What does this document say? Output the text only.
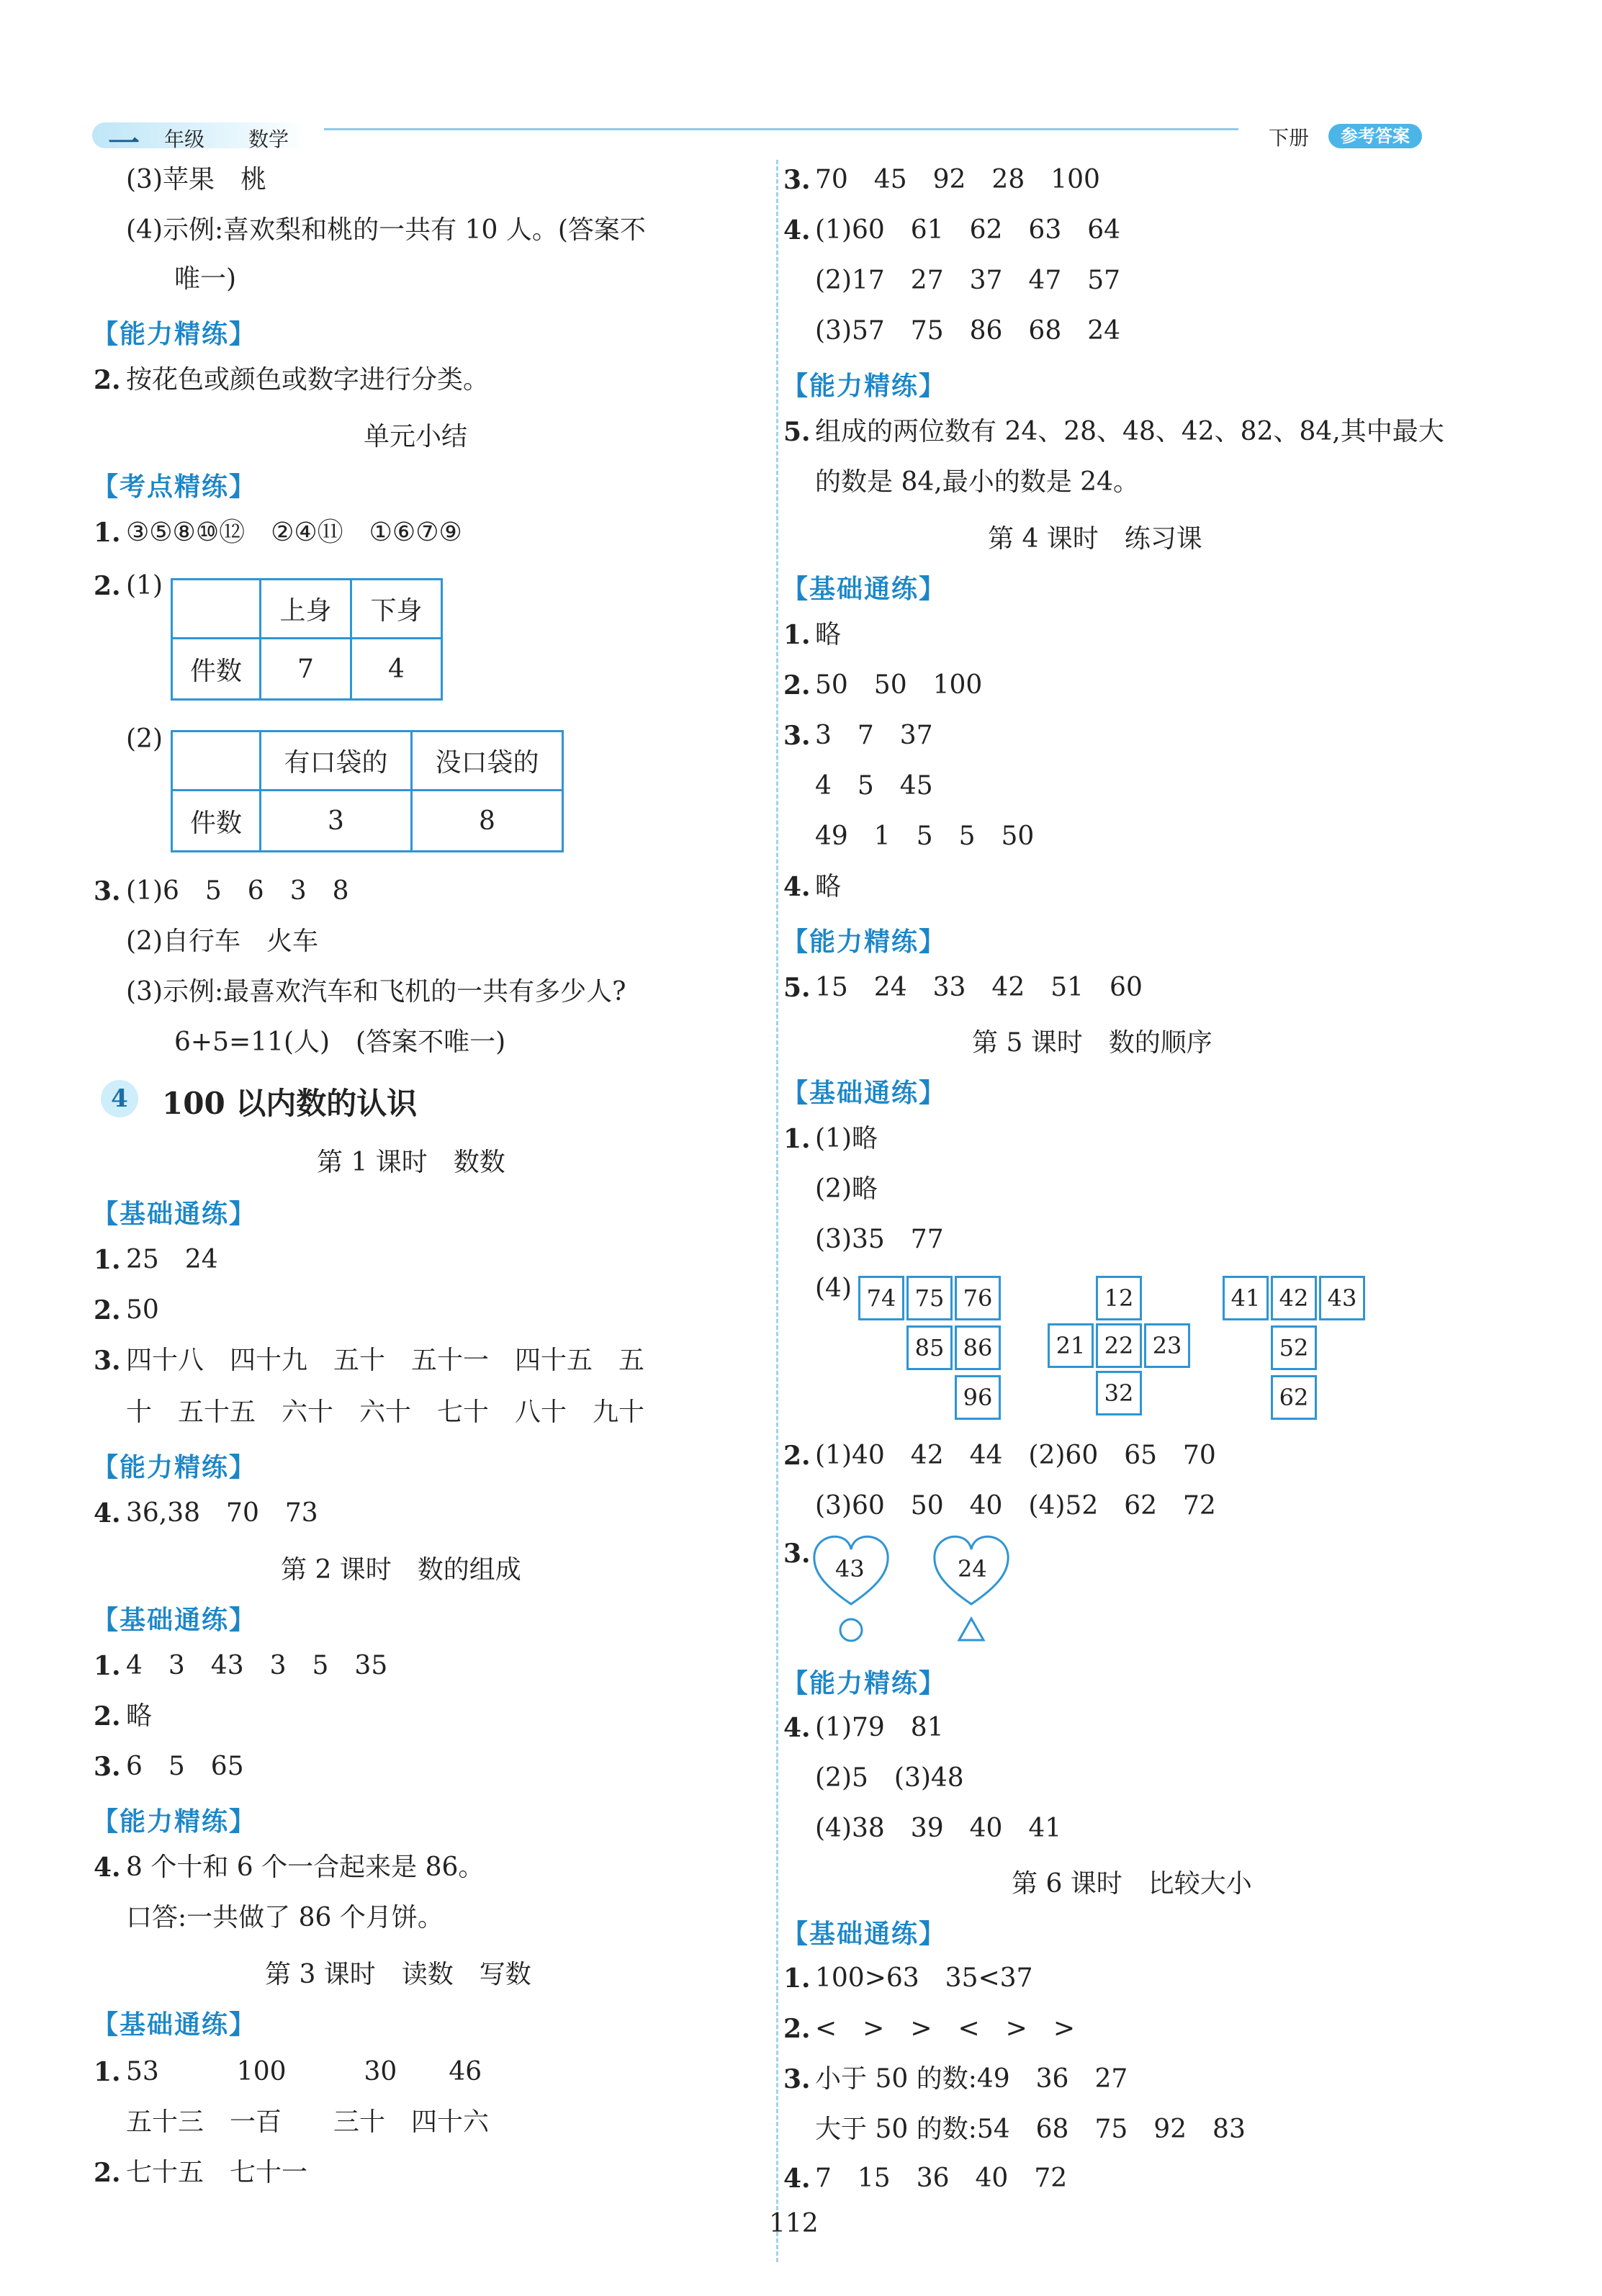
一 年级 数学	下册	参考答案
(3)苹果　桃
(4)示例:喜欢梨和桃的一共有 10 人。(答案不
唯一)
【能力精练】
2. 按花色或颜色或数字进行分类。
单元小结
【考点精练】
1. ③⑤⑧⑩⑫　②④⑪　①⑥⑦⑨
2. (1)
	上身	下身
件数	7	4
(2)
	有口袋的	没口袋的
件数	3	8
3. (1)6　5　6　3　8
(2)自行车　火车
(3)示例:最喜欢汽车和飞机的一共有多少人?
6+5=11(人)　(答案不唯一)
4	100 以内数的认识
第 1 课时　数数
【基础通练】
1. 25　24
2. 50
3. 四十八　四十九　五十　五十一　四十五　五
十　五十五　六十　六十　七十　八十　九十
【能力精练】
4. 36,38　70　73
第 2 课时　数的组成
【基础通练】
1. 4　3　43　3　5　35
2. 略
3. 6　5　65
【能力精练】
4. 8 个十和 6 个一合起来是 86。
口答:一共做了 86 个月饼。
第 3 课时　读数　写数
【基础通练】
1. 53　　　100　　　30　　46
五十三　一百　　三十　四十六
2. 七十五　七十一
3. 70　45　92　28　100
4. (1)60　61　62　63　64
(2)17　27　37　47　57
(3)57　75　86　68　24
【能力精练】
5. 组成的两位数有 24、28、48、42、82、84,其中最大
的数是 84,最小的数是 24。
第 4 课时　练习课
【基础通练】
1. 略
2. 50　50　100
3. 3　7　37
4　5　45
49　1　5　5　50
4. 略
【能力精练】
5. 15　24　33　42　51　60
第 5 课时　数的顺序
【基础通练】
1. (1)略
(2)略
(3)35　77
(4) 74 75 76
85 86
96
12
21 22 23
32
41 42 43
52
62
2. (1)40　42　44　(2)60　65　70
(3)60　50　40　(4)52　62　72
3. 43	24
【能力精练】
4. (1)79　81
(2)5　(3)48
(4)38　39　40　41
第 6 课时　比较大小
【基础通练】
1. 100>63　35<37
2. <　>　>　<　>　>
3. 小于 50 的数:49　36　27
大于 50 的数:54　68　75　92　83
4. 7　15　36　40　72
112
